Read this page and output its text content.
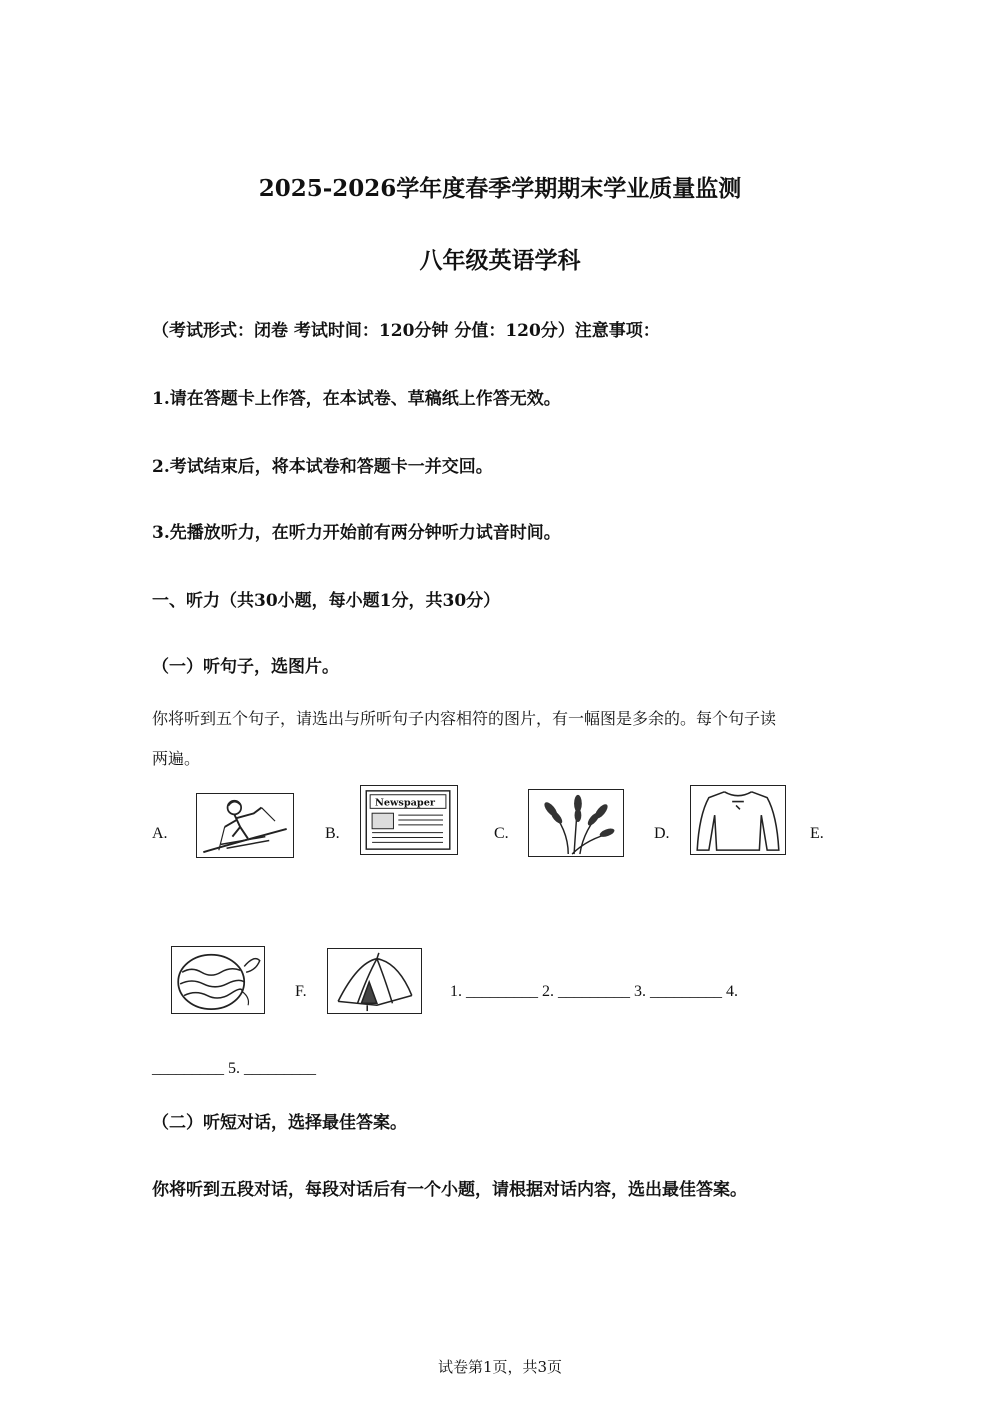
2025-2026学年度春季学期期末学业质量监测
八年级英语学科
（考试形式：闭卷 考试时间：120分钟 分值：120分）注意事项：
1.请在答题卡上作答，在本试卷、草稿纸上作答无效。
2.考试结束后，将本试卷和答题卡一并交回。
3.先播放听力，在听力开始前有两分钟听力试音时间。
一、听力（共30小题，每小题1分，共30分）
（一）听句子，选图片。
你将听到五个句子，请选出与所听句子内容相符的图片，有一幅图是多余的。每个句子读
两遍。
A.	B.	C.	D.	E.
F.
Newspaper
1. _________ 2. _________ 3. _________ 4.
_________ 5. _________
（二）听短对话，选择最佳答案。
你将听到五段对话，每段对话后有一个小题，请根据对话内容，选出最佳答案。
试卷第1页，共3页
